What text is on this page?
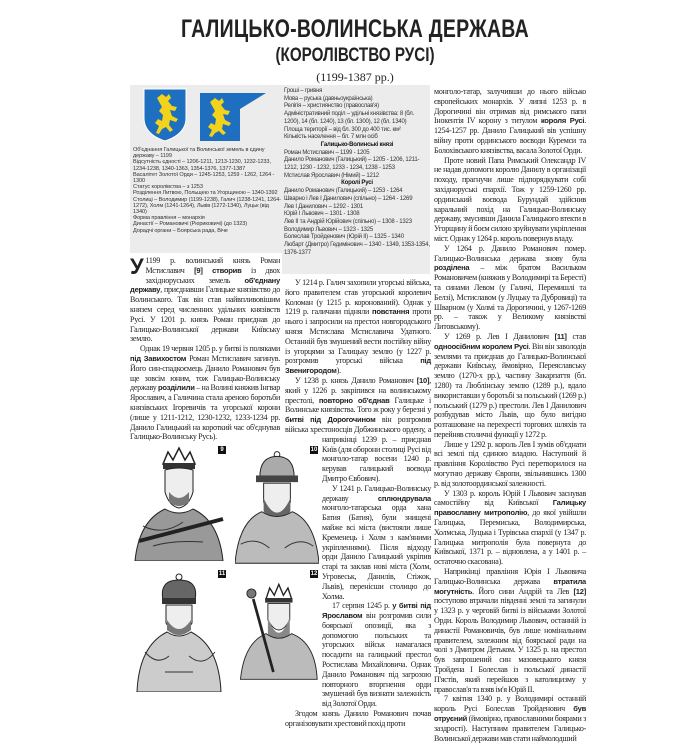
ГАЛИЦЬКО-ВОЛИНСЬКА ДЕРЖАВА
(КОРОЛІВСТВО РУСІ)
(1199-1387 рр.)
Об'єднання Галицької та Волинської земель в єдину державу – 1199
Відсутність єдності – 1206-1211, 1213-1230, 1232-1233, 1234-1238, 1340-1363, 1354-1376, 1377-1387
Васалітет Золотої Орди – 1245-1253, 1259 - 1262, 1264 - 1300
Статус королівства – з 1253
Розділення Литвою, Польщею та Угорщиною – 1340-1392
Столиці – Володимир (1199-1238), Галич (1238-1241, 1264-1272), Холм (1241-1264), Львів (1272-1340), Луцьк (від 1340)
Форма правління – монархія
Династії – Романовичі (Рюриковичі) (до 1323)
Дорадчі органи – Боярська рада, Віче
Гроші – гривня
Мова – руська (давньоукраїнська)
Релігія – християнство (православ'я)
Адміністративний поділ – удільні князівства: 8 (бл. 1200), 14 (бл. 1240), 13 (бл. 1300), 12 (бл. 1340)
Площа території – від бл. 300 до 400 тис. км²
Кількість населення – бл. 7 млн осіб
Галицько-Волинські князі
Роман Мстиславич – 1199 - 1205
Данило Романович (Галицький) – 1205 - 1206, 1211-1212, 1230 - 1232, 1233 - 1234, 1238 - 1253
Мстислав Ярославич (Німий) – 1212
Королі Русі
Данило Романович (Галицький) – 1253 - 1264
Шварно і Лев І Данилович (спільно) – 1264 - 1269
Лев І Данилович – 1292 - 1301
Юрій І Львович – 1301 - 1308
Лев ІІ та Андрій Юрійович (спільно) – 1308 - 1323
Володимир Львович – 1323 - 1325
Болеслав Тройденович (Юрій ІІ) – 1325 - 1340
Любарт (Дмитро) Гедимінович – 1340 - 1349, 1353-1354, 1376-1377
У 1199 р. волинський князь Роман Мстиславич [9] створив із двох західноруських земель об'єднану державу, приєднавши Галицьке князівство до Волинського. Так він став найвпливовішим князем серед численних удільних князівств Русі. У 1201 р. князь Роман приєднав до Галицько-Волинської держави Київську землю.

Однак 19 червня 1205 р. у битві із поляками під Завихостом Роман Мстиславич загинув. Його син-спадкоємець Данило Романович був ще зовсім юним, тож Галицько-Волинську державу розділили – на Волині княжив Інгвар Ярославич, а Галичина стала ареною боротьби князівських Ігоревичів та угорської корони (лише у 1211-1212, 1230-1232, 1233-1234 рр. Данило Галицький на короткий час об'єднував Галицько-Волинську Русь).

У 1214 р. Галич захопили угорські війська, його правителем став угорський королевич Коломан (у 1215 р. коронований). Однак у 1219 р. галичани підняли повстання проти нього і запросили на престол новгородського князя Мстислава Мстиславича Удатного. Останній був змушений вести постійну війну із угорцями за Галицьку землю (у 1227 р. розгромив угорські війська під Звенигородом).

У 1238 р. князь Данило Романович [10], який у 1226 р. закріпився на волинському престолі, повторно об'єднав Галицьке і Волинське князівства. Того ж року у березні у битві під Дорогочином він розгромив війська хрестоносців Добжинського ордену, а наприкінці 1239 р. – приєднав Київ (для оборони столиці Русі від монголо-татар восени 1240 р. керував галицький воєвода Дмитро Євбович).

У 1241 р. Галицько-Волинську державу сплюндрувала монголо-татарська орда хана Батия (Батия), були знищені майже всі міста (вистояли лише Кременець і Холм з кам'яними укріпленнями). Після відходу орди Данило Галицький укріпив старі та заклав нові міста (Холм, Угровеськ, Данилів, Стіжок, Львів), перенісши столицю до Холма.

17 серпня 1245 р. у битві під Ярославом він розгромив сили боярської опозиції, яка з допомогою польських та угорських військ намагалася посадити на галицький престол Ростислава Михайловича. Однак Данило Романович під загрозою повторного вторгнення орди змушений був визнати залежність від Золотої Орди.

Згодом князь Данило Романович почав організовувати хрестовий похід проти

монголо-татар, залучивши до нього військо європейських монархів. У липні 1253 р. в Дорогичині він отримав від римського папи Інокентія IV корону з титулом короля Русі. 1254-1257 рр. Данило Галицький вів успішну війну проти ординського воєводи Куремси та Болохівського князівства, васала Золотої Орди.

Проте новий Папа Римський Олександр IV не надав допомоги королю Данилу в організації походу, прагнучи лише підпорядкувати собі західноруські єпархії. Тож у 1259-1260 рр. ординський воєвода Бурундай здійснив каральний похід на Галицько-Волинську державу, змусивши Данила Галицького втекти в Угорщину й боєм силою зруйнувати укріплення міст. Однак у 1264 р. король повернув владу.

У 1264 р. Данило Романович помер. Галицько-Волинська держава знову була розділена – між братом Васильком Романовичем (княжив у Володимирі та Бересті) та синами Левом (у Галичі, Перемишлі та Белзі), Мстиславом (у Луцьку та Дубровиці) та Шварном (у Холмі та Дорогичині, у 1267-1269 рр. – також у Великому князівстві Литовському).

У 1269 р. Лев І Данилович [11] став одноосібним королем Русі. Він він заволодів землями та приєднав до Галицько-Волинської держави Київську, ймовірно, Переяславську землю (1270-х рр.), частину Закарпаття (бл. 1280) та Люблінську землю (1289 р.), вдало використавши у боротьбі за польський (1269 р.) польський (1279 р.) престоли. Лев І Данилович розбудував місто Львів, що було вигідно розташоване на перехресті торгових шляхів та перейняв столичні функції у 1272 р.

Лише у 1292 р. король Лев І зумів об'єднати всі землі під єдиною владою. Наступний й правління Королівство Русі перетворилося на могутню державу Європи, звільнившись 1300 р. від золотоординської залежності.

У 1303 р. король Юрій І Львович заснував самостійну від Київської Галицьку православну митрополію, до якої увійшли Галицька, Перемиська, Володимирська, Холмська, Луцька і Турівська єпархії (у 1347 р. Галицька митрополія була повернута до Київської, 1371 р. – відновлена, а у 1401 р. – остаточно скасована).

Наприкінці правління Юрія І Львовича Галицько-Волинська держава втратила могутність. Його сини Андрій та Лев [12] поступово втрачали південні землі та загинули у 1323 р. у черговій битві із військами Золотої Орди. Король Володимир Львович, останній із династії Романовичів, був лише номінальним правителем, залежним від боярської ради на чолі з Дмитром Детьком. У 1325 р. на престол був запрошений син мазовецького князя Тройдена І Болеслав із польської династії П'ястів, який перейшов з католицизму у православ'я та взяв ім'я Юрій ІІ.

7 квітня 1340 р. у Володимирі останній король Русі Болеслав Тройденович був отруєний (ймовірно, православними боярами з заздрості). Наступним правителем Галицько-Волинської держави мав стати наймолодший

9	10
11	12
